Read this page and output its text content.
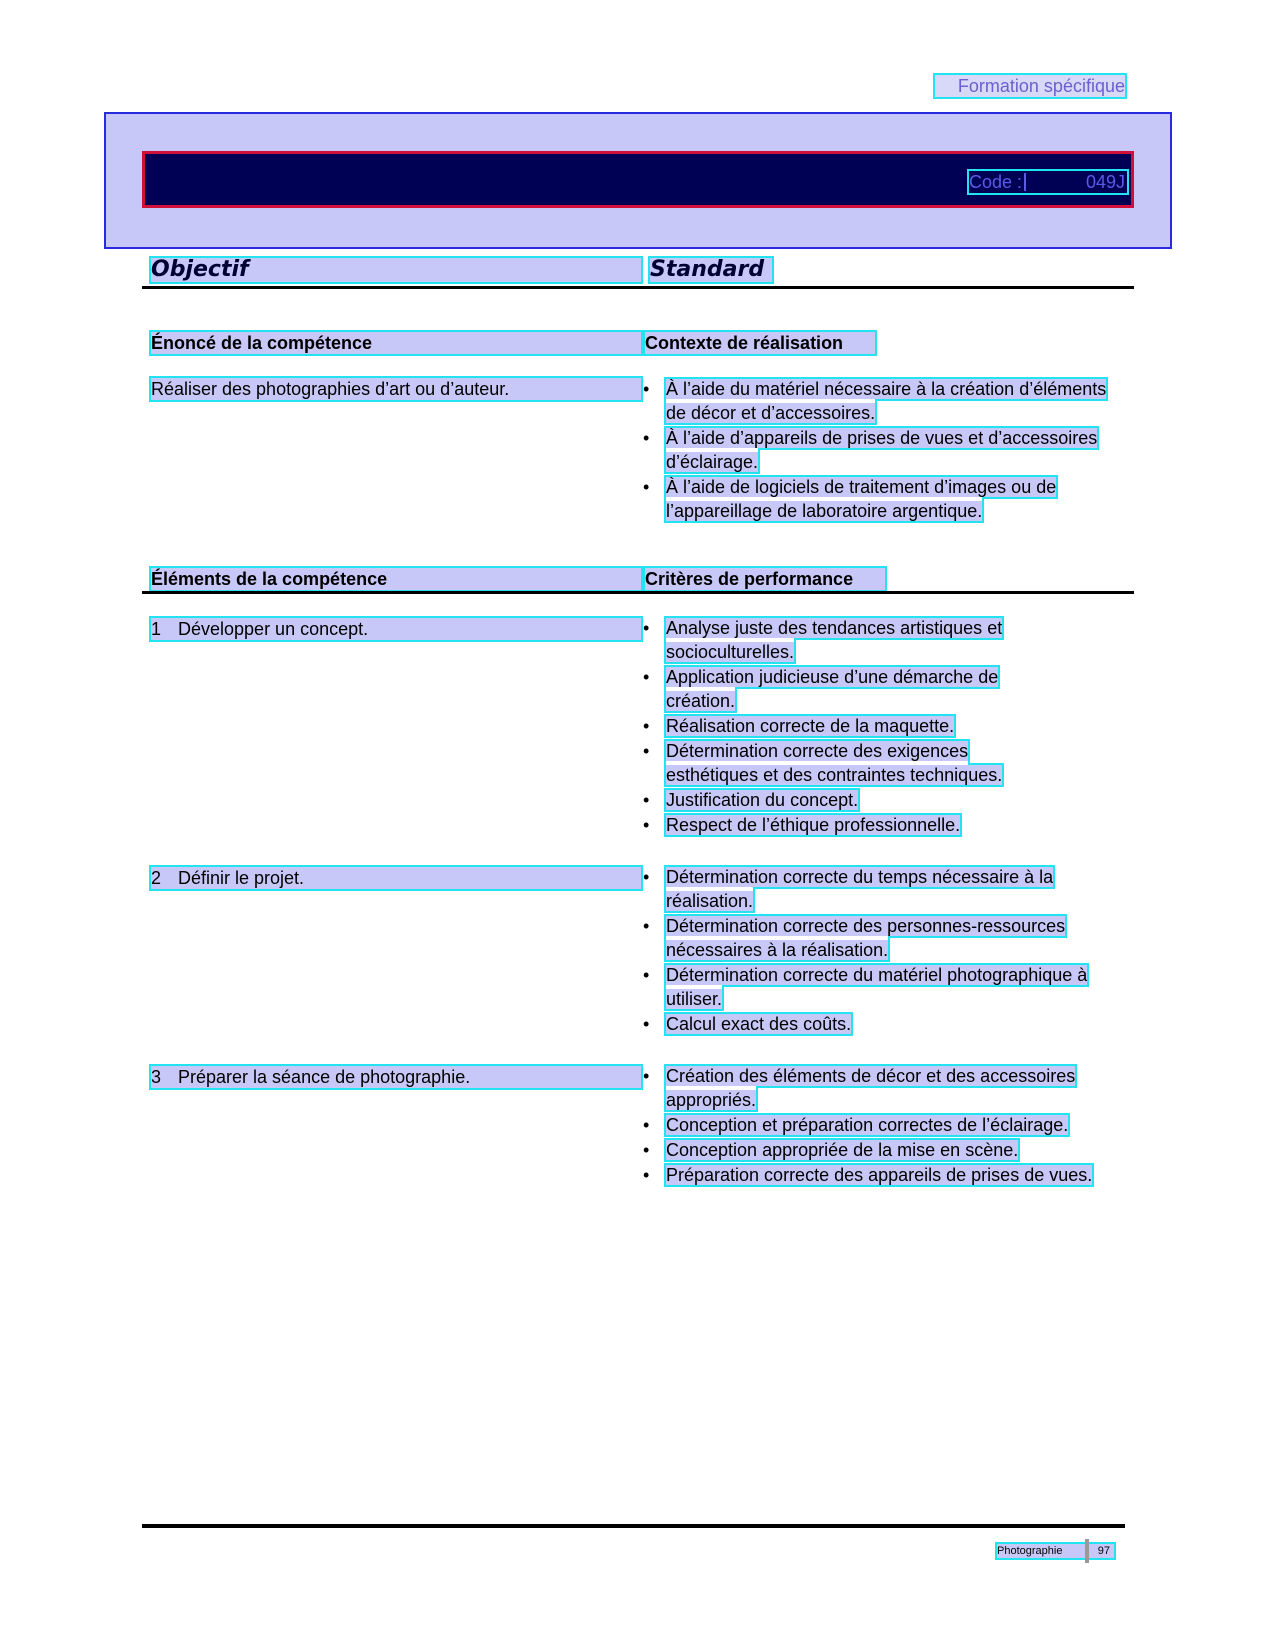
Formation spécifique
Code :	049J
Objectif	Standard
Énoncé de la compétence	Contexte de réalisation
Réaliser des photographies d’art ou d’auteur.	• À l’aide du matériel nécessaire à la création d’éléments de décor et d’accessoires.
• À l’aide d’appareils de prises de vues et d’accessoires d’éclairage.
• À l’aide de logiciels de traitement d’images ou de l’appareillage de laboratoire argentique.
Éléments de la compétence	Critères de performance
1 Développer un concept.	• Analyse juste des tendances artistiques et socioculturelles.
• Application judicieuse d’une démarche de création.
• Réalisation correcte de la maquette.
• Détermination correcte des exigences esthétiques et des contraintes techniques.
• Justification du concept.
• Respect de l’éthique professionnelle.
2 Définir le projet.	• Détermination correcte du temps nécessaire à la réalisation.
• Détermination correcte des personnes-ressources nécessaires à la réalisation.
• Détermination correcte du matériel photographique à utiliser.
• Calcul exact des coûts.
3 Préparer la séance de photographie.	• Création des éléments de décor et des accessoires appropriés.
• Conception et préparation correctes de l’éclairage.
• Conception appropriée de la mise en scène.
• Préparation correcte des appareils de prises de vues.
Photographie	97
